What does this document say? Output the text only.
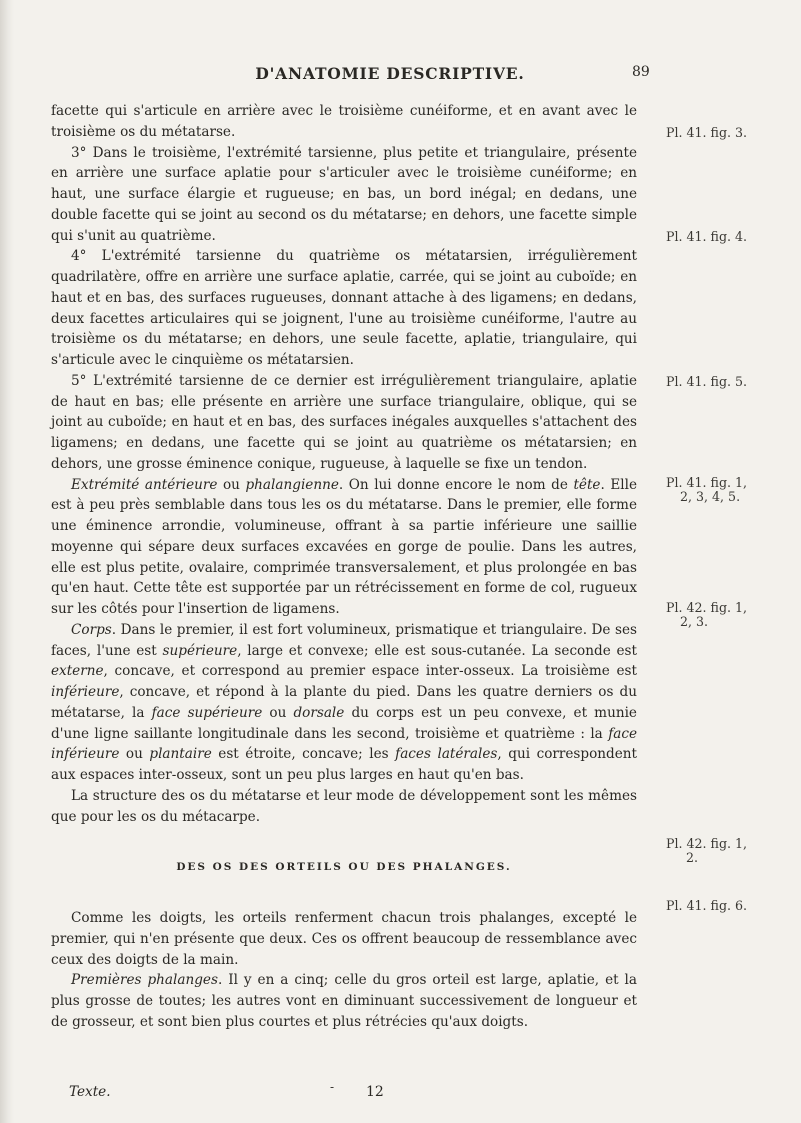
D'ANATOMIE DESCRIPTIVE.	89

facette qui s'articule en arrière avec le troisième cunéiforme, et en avant avec le troisième os du métatarse.

3° Dans le troisième, l'extrémité tarsienne, plus petite et triangulaire, présente en arrière une surface aplatie pour s'articuler avec le troisième cunéiforme; en haut, une surface élargie et rugueuse; en bas, un bord inégal; en dedans, une double facette qui se joint au second os du métatarse; en dehors, une facette simple qui s'unit au quatrième.

4° L'extrémité tarsienne du quatrième os métatarsien, irrégulièrement quadrilatère, offre en arrière une surface aplatie, carrée, qui se joint au cuboïde; en haut et en bas, des surfaces rugueuses, donnant attache à des ligamens; en dedans, deux facettes articulaires qui se joignent, l'une au troisième cunéiforme, l'autre au troisième os du métatarse; en dehors, une seule facette, aplatie, triangulaire, qui s'articule avec le cinquième os métatarsien.

5° L'extrémité tarsienne de ce dernier est irrégulièrement triangulaire, aplatie de haut en bas; elle présente en arrière une surface triangulaire, oblique, qui se joint au cuboïde; en haut et en bas, des surfaces inégales auxquelles s'attachent des ligamens; en dedans, une facette qui se joint au quatrième os métatarsien; en dehors, une grosse éminence conique, rugueuse, à laquelle se fixe un tendon.

Extrémité antérieure ou phalangienne. On lui donne encore le nom de tête. Elle est à peu près semblable dans tous les os du métatarse. Dans le premier, elle forme une éminence arrondie, volumineuse, offrant à sa partie inférieure une saillie moyenne qui sépare deux surfaces excavées en gorge de poulie. Dans les autres, elle est plus petite, ovalaire, comprimée transversalement, et plus prolongée en bas qu'en haut. Cette tête est supportée par un rétrécissement en forme de col, rugueux sur les côtés pour l'insertion de ligamens.

Corps. Dans le premier, il est fort volumineux, prismatique et triangulaire. De ses faces, l'une est supérieure, large et convexe; elle est sous-cutanée. La seconde est externe, concave, et correspond au premier espace inter-osseux. La troisième est inférieure, concave, et répond à la plante du pied. Dans les quatre derniers os du métatarse, la face supérieure ou dorsale du corps est un peu convexe, et munie d'une ligne saillante longitudinale dans les second, troisième et quatrième : la face inférieure ou plantaire est étroite, concave; les faces latérales, qui correspondent aux espaces inter-osseux, sont un peu plus larges en haut qu'en bas.

La structure des os du métatarse et leur mode de développement sont les mêmes que pour les os du métacarpe.

DES OS DES ORTEILS OU DES PHALANGES.

Comme les doigts, les orteils renferment chacun trois phalanges, excepté le premier, qui n'en présente que deux. Ces os offrent beaucoup de ressemblance avec ceux des doigts de la main.

Premières phalanges. Il y en a cinq; celle du gros orteil est large, aplatie, et la plus grosse de toutes; les autres vont en diminuant successivement de longueur et de grosseur, et sont bien plus courtes et plus rétrécies qu'aux doigts.

Pl. 41. fig. 3.
Pl. 41. fig. 4.
Pl. 41. fig. 5.
Pl. 41. fig. 1,
2, 3, 4, 5.
Pl. 42. fig. 1,
2, 3.
Pl. 42. fig. 1,
2.
Pl. 41. fig. 6.
Texte.	- 12
